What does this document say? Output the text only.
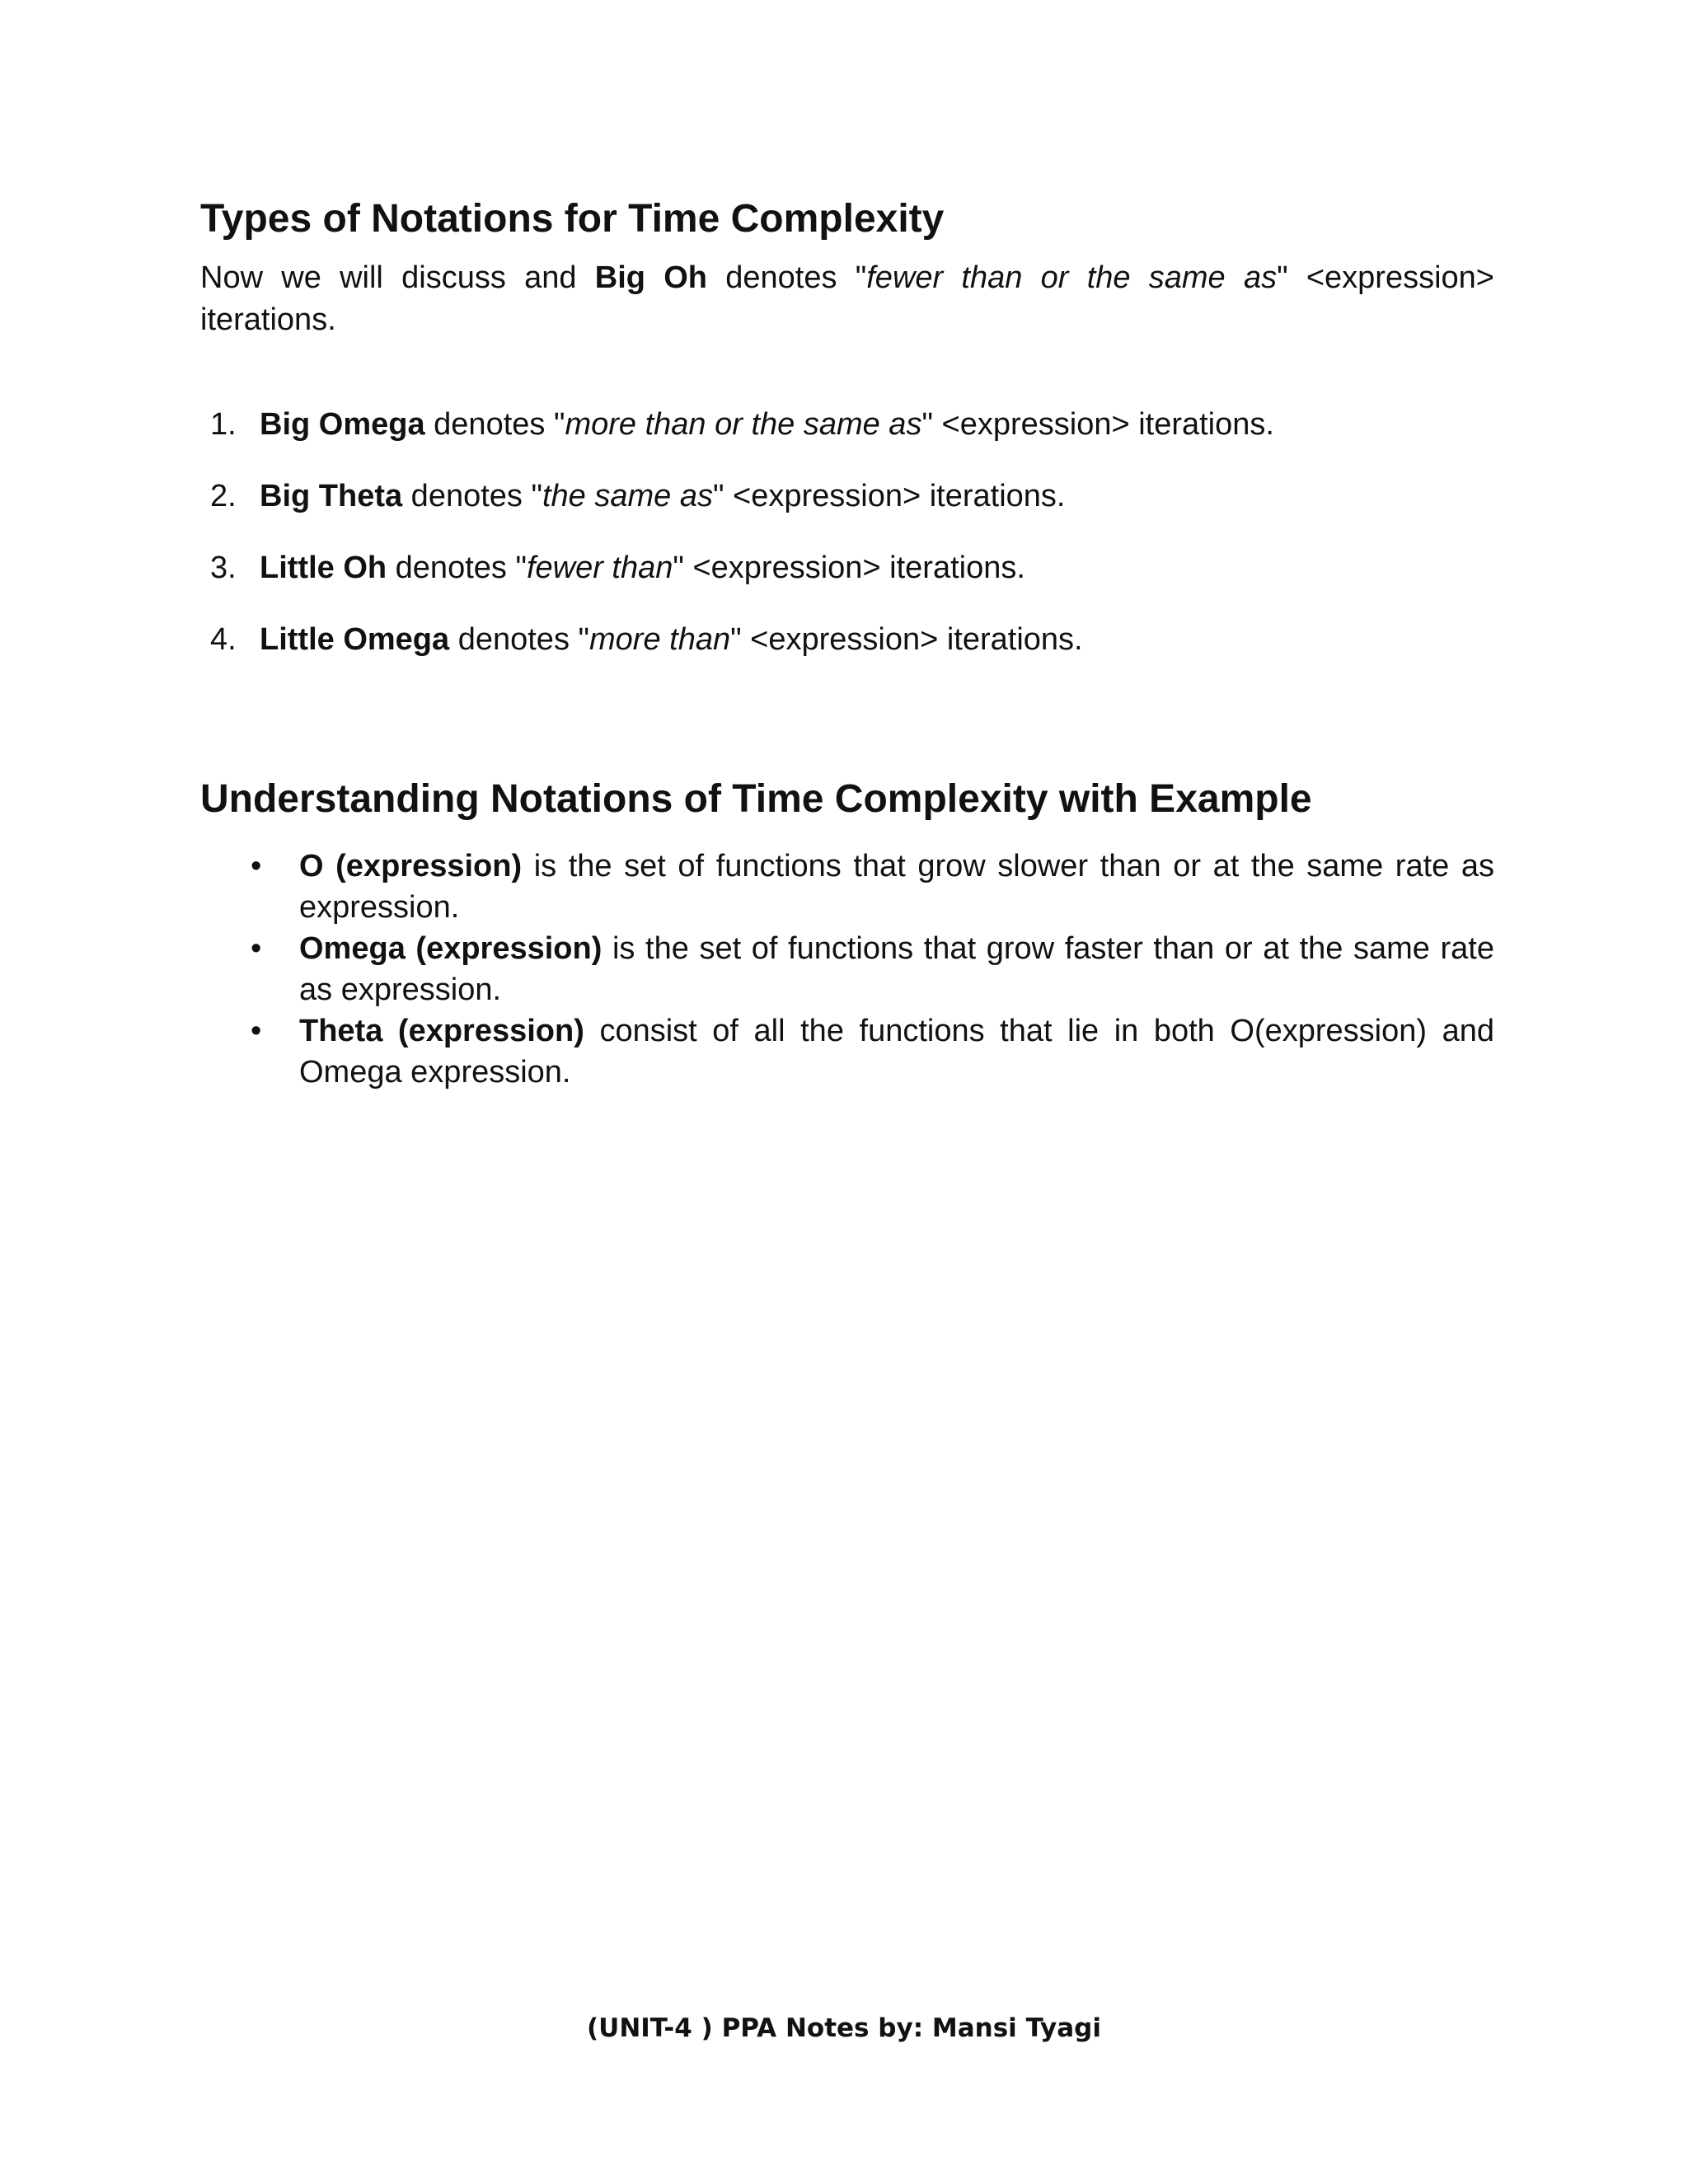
Types of Notations for Time Complexity

Now we will discuss and Big Oh denotes "fewer than or the same as" <expression> iterations.

1. Big Omega denotes "more than or the same as" <expression> iterations.
2. Big Theta denotes "the same as" <expression> iterations.
3. Little Oh denotes "fewer than" <expression> iterations.
4. Little Omega denotes "more than" <expression> iterations.
Understanding Notations of Time Complexity with Example
• O (expression) is the set of functions that grow slower than or at the same rate as expression.
• Omega (expression) is the set of functions that grow faster than or at the same rate as expression.
• Theta (expression) consist of all the functions that lie in both O(expression) and Omega expression.
(UNIT-4 ) PPA Notes by: Mansi Tyagi
